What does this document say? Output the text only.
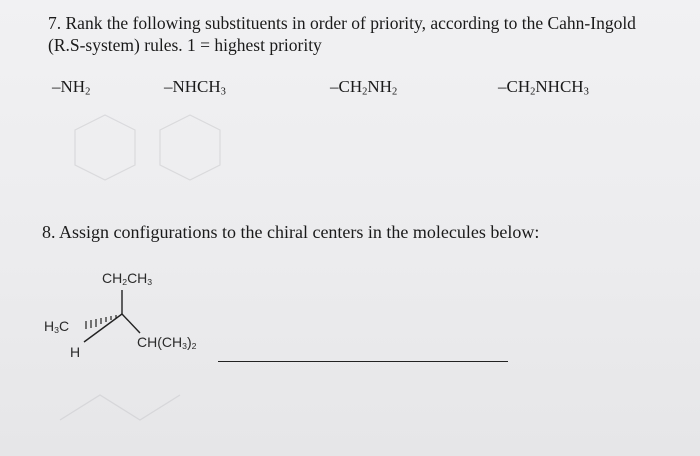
7. Rank the following substituents in order of priority, according to the Cahn-Ingold
(R.S-system) rules. 1 = highest priority
$-NH_2$	$-NHCH_3$	$-CH_2NH_2$	$-CH_2NHCH_3$
8. Assign configurations to the chiral centers in the molecules below:
$CH_2CH_3$
$H_3C$
$CH(CH_3)_2$
H
